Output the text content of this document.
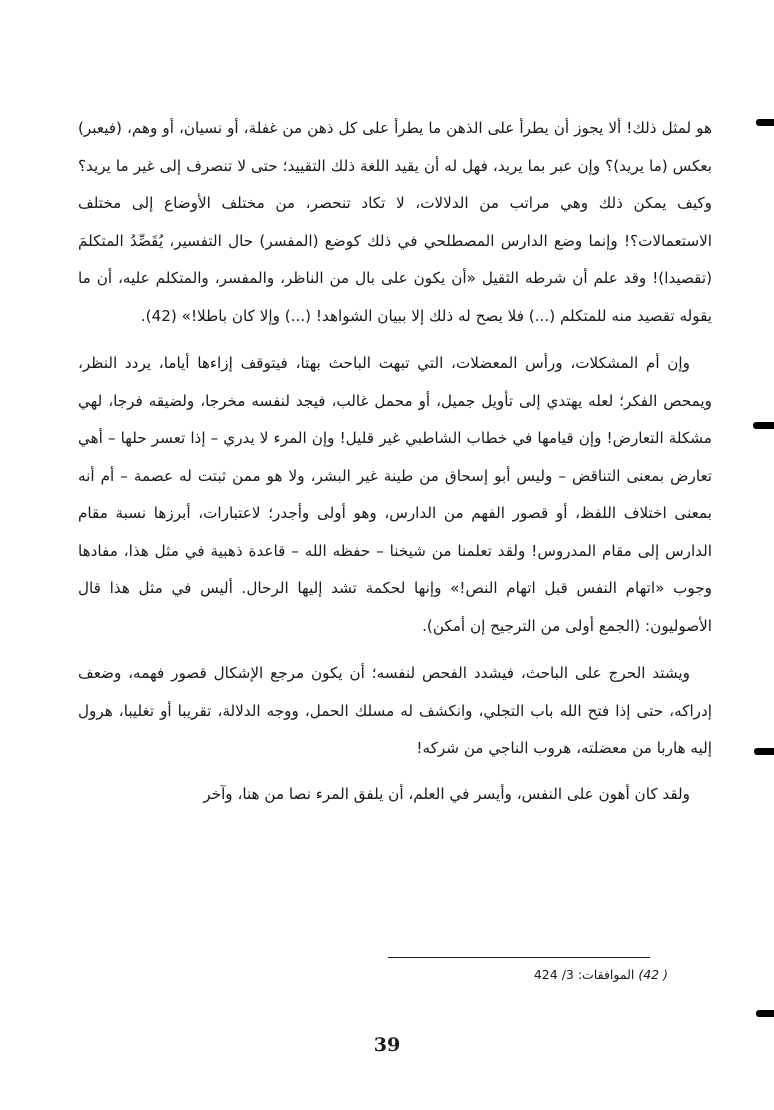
هو لمثل ذلك! ألا يجوز أن يطرأ على الذهن ما يطرأ على كل ذهن من غفلة، أو نسيان، أو وهم، (فيعبر) بعكس (ما يريد)؟ وإن عبر بما يريد، فهل له أن يقيد اللغة ذلك التقييد؛ حتى لا تنصرف إلى غير ما يريد؟ وكيف يمكن ذلك وهي مراتب من الدلالات، لا تكاد تنحصر، من مختلف الأوضاع إلى مختلف الاستعمالات؟! وإنما وضع الدارس المصطلحي في ذلك كوضع (المفسر) حال التفسير، يُقَصِّدُ المتكلمَ (تقصيدا)! وقد علم أن شرطه الثقيل «أن يكون على بال من الناظر، والمفسر، والمتكلم عليه، أن ما يقوله تقصيد منه للمتكلم (...) فلا يصح له ذلك إلا ببيان الشواهد! (...) وإلا كان باطلا!» (42).

وإن أم المشكلات، ورأس المعضلات، التي تبهت الباحث بهتا، فيتوقف إزاءها أياما، يردد النظر، ويمحص الفكر؛ لعله يهتدي إلى تأويل جميل، أو محمل غالب، فيجد لنفسه مخرجا، ولضيقه فرجا، لهي مشكلة التعارض! وإن قيامها في خطاب الشاطبي غير قليل! وإن المرء لا يدري – إذا تعسر حلها – أهي تعارض بمعنى التناقض – وليس أبو إسحاق من طينة غير البشر، ولا هو ممن ثبتت له عصمة – أم أنه بمعنى اختلاف اللفظ، أو قصور الفهم من الدارس، وهو أولى وأجدر؛ لاعتبارات، أبرزها نسبة مقام الدارس إلى مقام المدروس! ولقد تعلمنا من شيخنا – حفظه الله – قاعدة ذهبية في مثل هذا، مفادها وجوب «اتهام النفس قبل اتهام النص!» وإنها لحكمة تشد إليها الرحال. أليس في مثل هذا قال الأصوليون: (الجمع أولى من الترجيح إن أمكن).

ويشتد الحرج على الباحث، فيشدد الفحص لنفسه؛ أن يكون مرجع الإشكال قصور فهمه، وضعف إدراكه، حتى إذا فتح الله باب التجلي، وانكشف له مسلك الحمل، ووجه الدلالة، تقريبا أو تغليبا، هرول إليه هاربا من معضلته، هروب الناجي من شركه!

ولقد كان أهون على النفس، وأيسر في العلم، أن يلفق المرء نصا من هنا، وآخر

( 42) الموافقات: 3/ 424
39
